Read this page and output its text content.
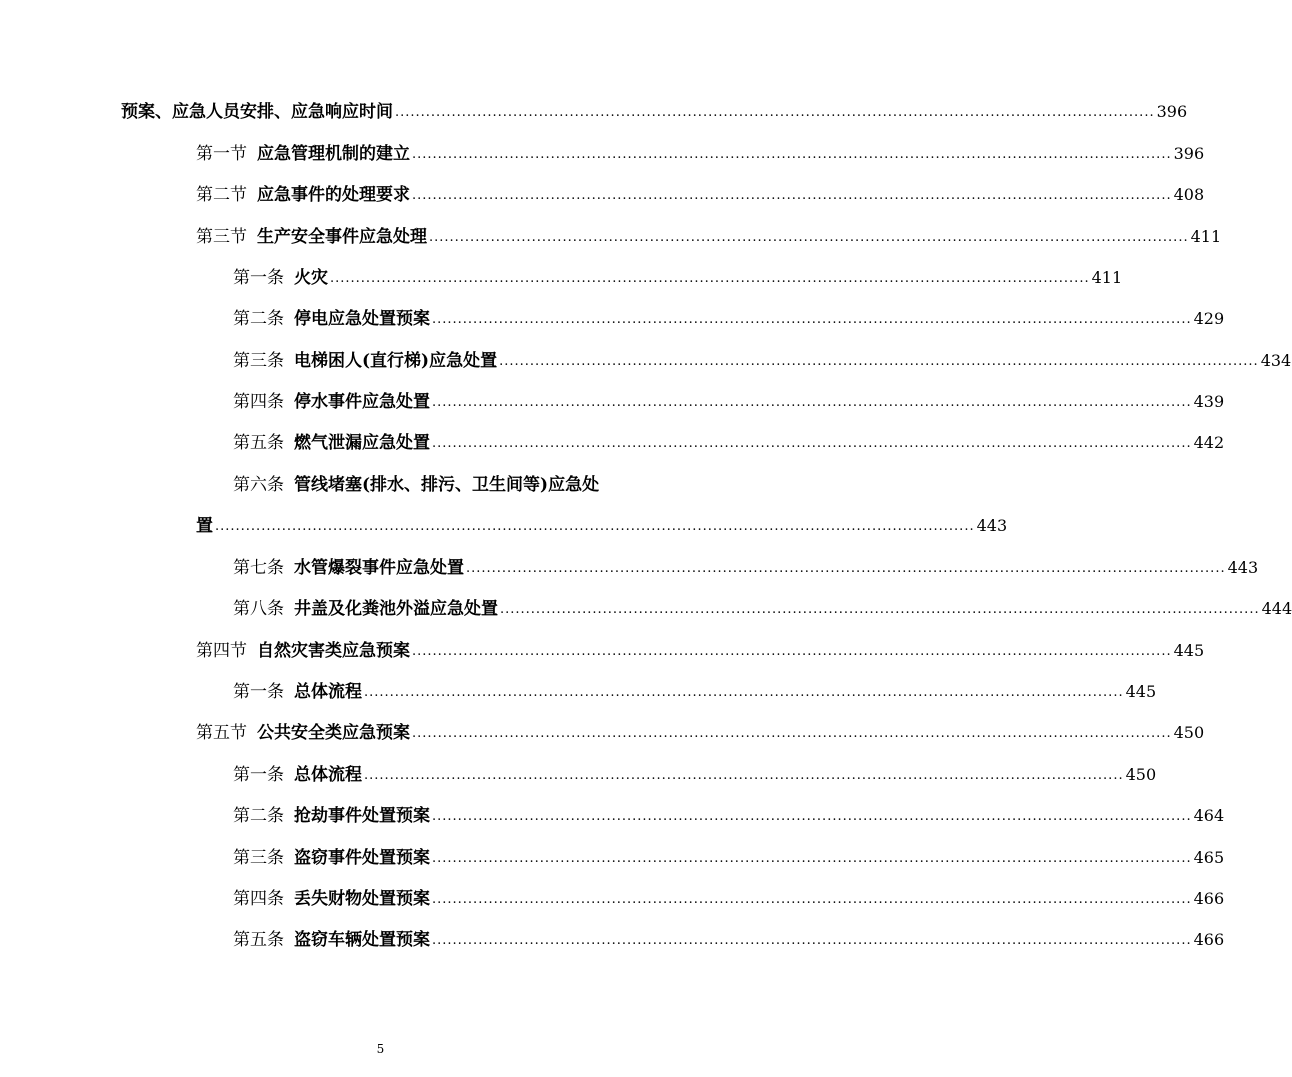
预案、应急人员安排、应急响应时间 .................................................................................................................................................... 396
第一节 应急管理机制的建立 .................................................................................................................................................... 396
第二节 应急事件的处理要求 .................................................................................................................................................... 408
第三节 生产安全事件应急处理 .................................................................................................................................................... 411
第一条 火灾 .................................................................................................................................................... 411
第二条 停电应急处置预案 .................................................................................................................................................... 429
第三条 电梯困人(直行梯)应急处置 .................................................................................................................................................... 434
第四条 停水事件应急处置 .................................................................................................................................................... 439
第五条 燃气泄漏应急处置 .................................................................................................................................................... 442
第六条 管线堵塞(排水、排污、卫生间等)应急处
置 .................................................................................................................................................... 443
第七条 水管爆裂事件应急处置 .................................................................................................................................................... 443
第八条 井盖及化粪池外溢应急处置 .................................................................................................................................................... 444
第四节 自然灾害类应急预案 .................................................................................................................................................... 445
第一条 总体流程 .................................................................................................................................................... 445
第五节 公共安全类应急预案 .................................................................................................................................................... 450
第一条 总体流程 .................................................................................................................................................... 450
第二条 抢劫事件处置预案 .................................................................................................................................................... 464
第三条 盗窃事件处置预案 .................................................................................................................................................... 465
第四条 丢失财物处置预案 .................................................................................................................................................... 466
第五条 盗窃车辆处置预案 .................................................................................................................................................... 466
5
